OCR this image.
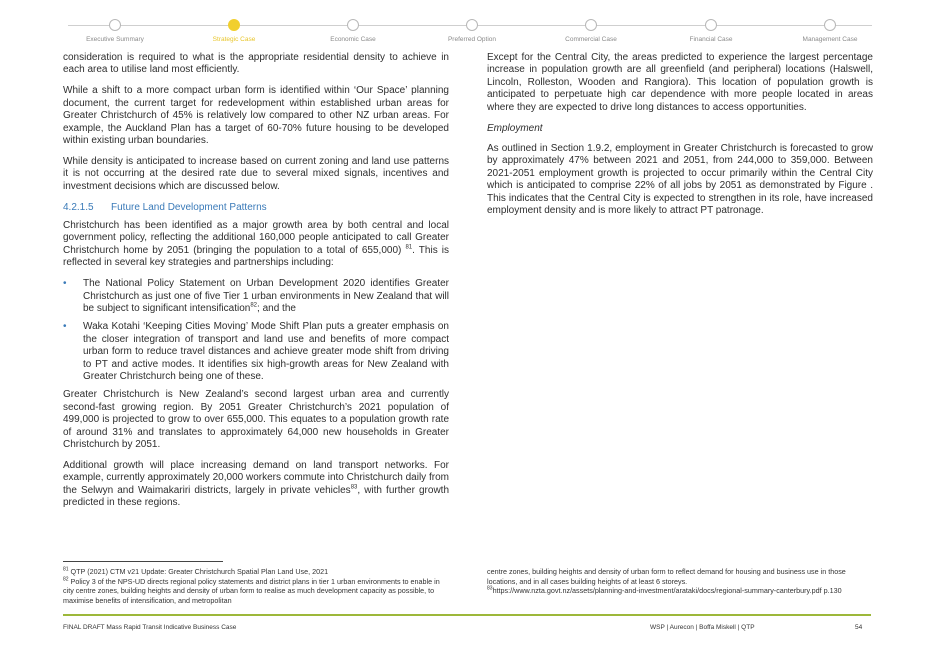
Executive Summary	Strategic Case	Economic Case	Preferred Option	Commercial Case	Financial Case	Management Case

consideration is required to what is the appropriate residential density to achieve in each area to utilise land most efficiently.

While a shift to a more compact urban form is identified within ‘Our Space’ planning document, the current target for redevelopment within established urban areas for Greater Christchurch of 45% is relatively low compared to other NZ urban areas. For example, the Auckland Plan has a target of 60-70% future housing to be developed within existing urban boundaries.

While density is anticipated to increase based on current zoning and land use patterns it is not occurring at the desired rate due to several mixed signals, incentives and investment decisions which are discussed below.

4.2.1.5 Future Land Development Patterns

Christchurch has been identified as a major growth area by both central and local government policy, reflecting the additional 160,000 people anticipated to call Greater Christchurch home by 2051 (bringing the population to a total of 655,000) $^{81}$. This is reflected in several key strategies and partnerships including:

• The National Policy Statement on Urban Development 2020 identifies Greater Christchurch as just one of five Tier 1 urban environments in New Zealand that will be subject to significant intensification$^{82}$; and the
• Waka Kotahi ‘Keeping Cities Moving’ Mode Shift Plan puts a greater emphasis on the closer integration of transport and land use and benefits of more compact urban form to reduce travel distances and achieve greater mode shift from driving to PT and active modes. It identifies six high-growth areas for New Zealand with Greater Christchurch being one of these.

Greater Christchurch is New Zealand’s second largest urban area and currently second-fast growing region. By 2051 Greater Christchurch’s 2021 population of 499,000 is projected to grow to over 655,000. This equates to a population growth rate of around 31% and translates to approximately 64,000 new households in Greater Christchurch by 2051.

Additional growth will place increasing demand on land transport networks. For example, currently approximately 20,000 workers commute into Christchurch daily from the Selwyn and Waimakariri districts, largely in private vehicles$^{83}$, with further growth predicted in these regions.

Except for the Central City, the areas predicted to experience the largest percentage increase in population growth are all greenfield (and peripheral) locations (Halswell, Lincoln, Rolleston, Wooden and Rangiora). This location of population growth is anticipated to perpetuate high car dependence with more people located in areas where they are expected to drive long distances to access opportunities.

Employment

As outlined in Section 1.9.2, employment in Greater Christchurch is forecasted to grow by approximately 47% between 2021 and 2051, from 244,000 to 359,000. Between 2021-2051 employment growth is projected to occur primarily within the Central City which is anticipated to comprise 22% of all jobs by 2051 as demonstrated by Figure . This indicates that the Central City is expected to strengthen in its role, have increased employment density and is more likely to attract PT patronage.

$^{81}$ QTP (2021) CTM v21 Update: Greater Christchurch Spatial Plan Land Use, 2021
$^{82}$ Policy 3 of the NPS-UD directs regional policy statements and district plans in tier 1 urban environments to enable in city centre zones, building heights and density of urban form to realise as much development capacity as possible, to maximise benefits of intensification, and metropolitan
centre zones, building heights and density of urban form to reflect demand for housing and business use in those locations, and in all cases building heights of at least 6 storeys.
$^{83}$https://www.nzta.govt.nz/assets/planning-and-investment/arataki/docs/regional-summary-canterbury.pdf p.130
FINAL DRAFT Mass Rapid Transit Indicative Business Case	WSP | Aurecon | Boffa Miskell | QTP	54
